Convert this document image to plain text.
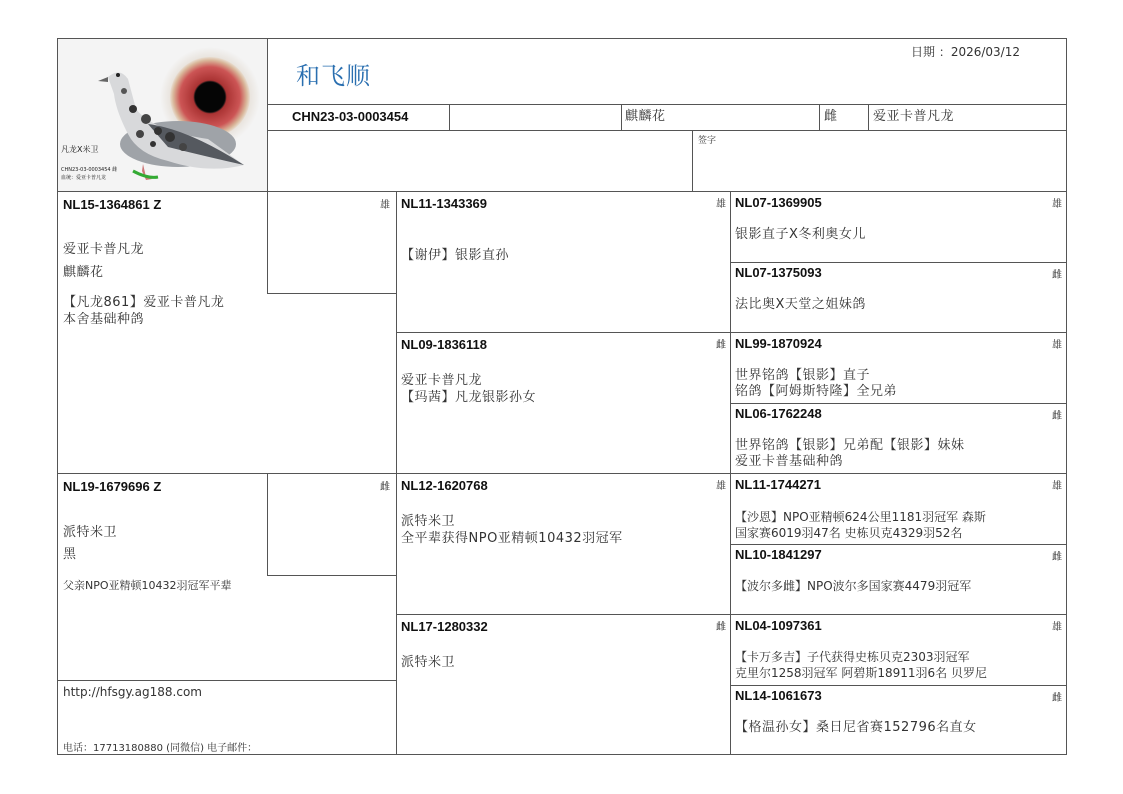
凡龙X米卫
CHN23-03-0003454 雌
血统：爱亚卡普凡龙
和飞顺
日期 ：2026/03/12
CHN23-03-0003454	麒麟花	雌	爱亚卡普凡龙
签字
NL15-1364861 Z	雄
爱亚卡普凡龙
麒麟花
【凡龙861】爱亚卡普凡龙
本舍基础种鸽
NL19-1679696 Z	雌
派特米卫
黑
父亲NPO亚精顿10432羽冠军平辈
http://hfsgy.ag188.com
电话：17713180880 (同微信) 电子邮件：
NL11-1343369	雄
【谢伊】银影直孙
NL09-1836118	雌
爱亚卡普凡龙
【玛茜】凡龙银影孙女
NL12-1620768	雄
派特米卫
全平辈获得NPO亚精顿10432羽冠军
NL17-1280332	雌
派特米卫
NL07-1369905	雄
银影直子X冬利奥女儿
NL07-1375093	雌
法比奥X天堂之姐妹鸽
NL99-1870924	雄
世界铭鸽【银影】直子
铭鸽【阿姆斯特隆】全兄弟
NL06-1762248	雌
世界铭鸽【银影】兄弟配【银影】妹妹
爱亚卡普基础种鸽
NL11-1744271	雄
【沙恩】NPO亚精顿624公里1181羽冠军 森斯
国家赛6019羽47名 史栋贝克4329羽52名
NL10-1841297	雌
【波尔多雌】NPO波尔多国家赛4479羽冠军
NL04-1097361	雄
【卡万多吉】子代获得史栋贝克2303羽冠军
克里尔1258羽冠军 阿碧斯18911羽6名 贝罗尼
NL14-1061673	雌
【格温孙女】桑日尼省赛152796名直女
